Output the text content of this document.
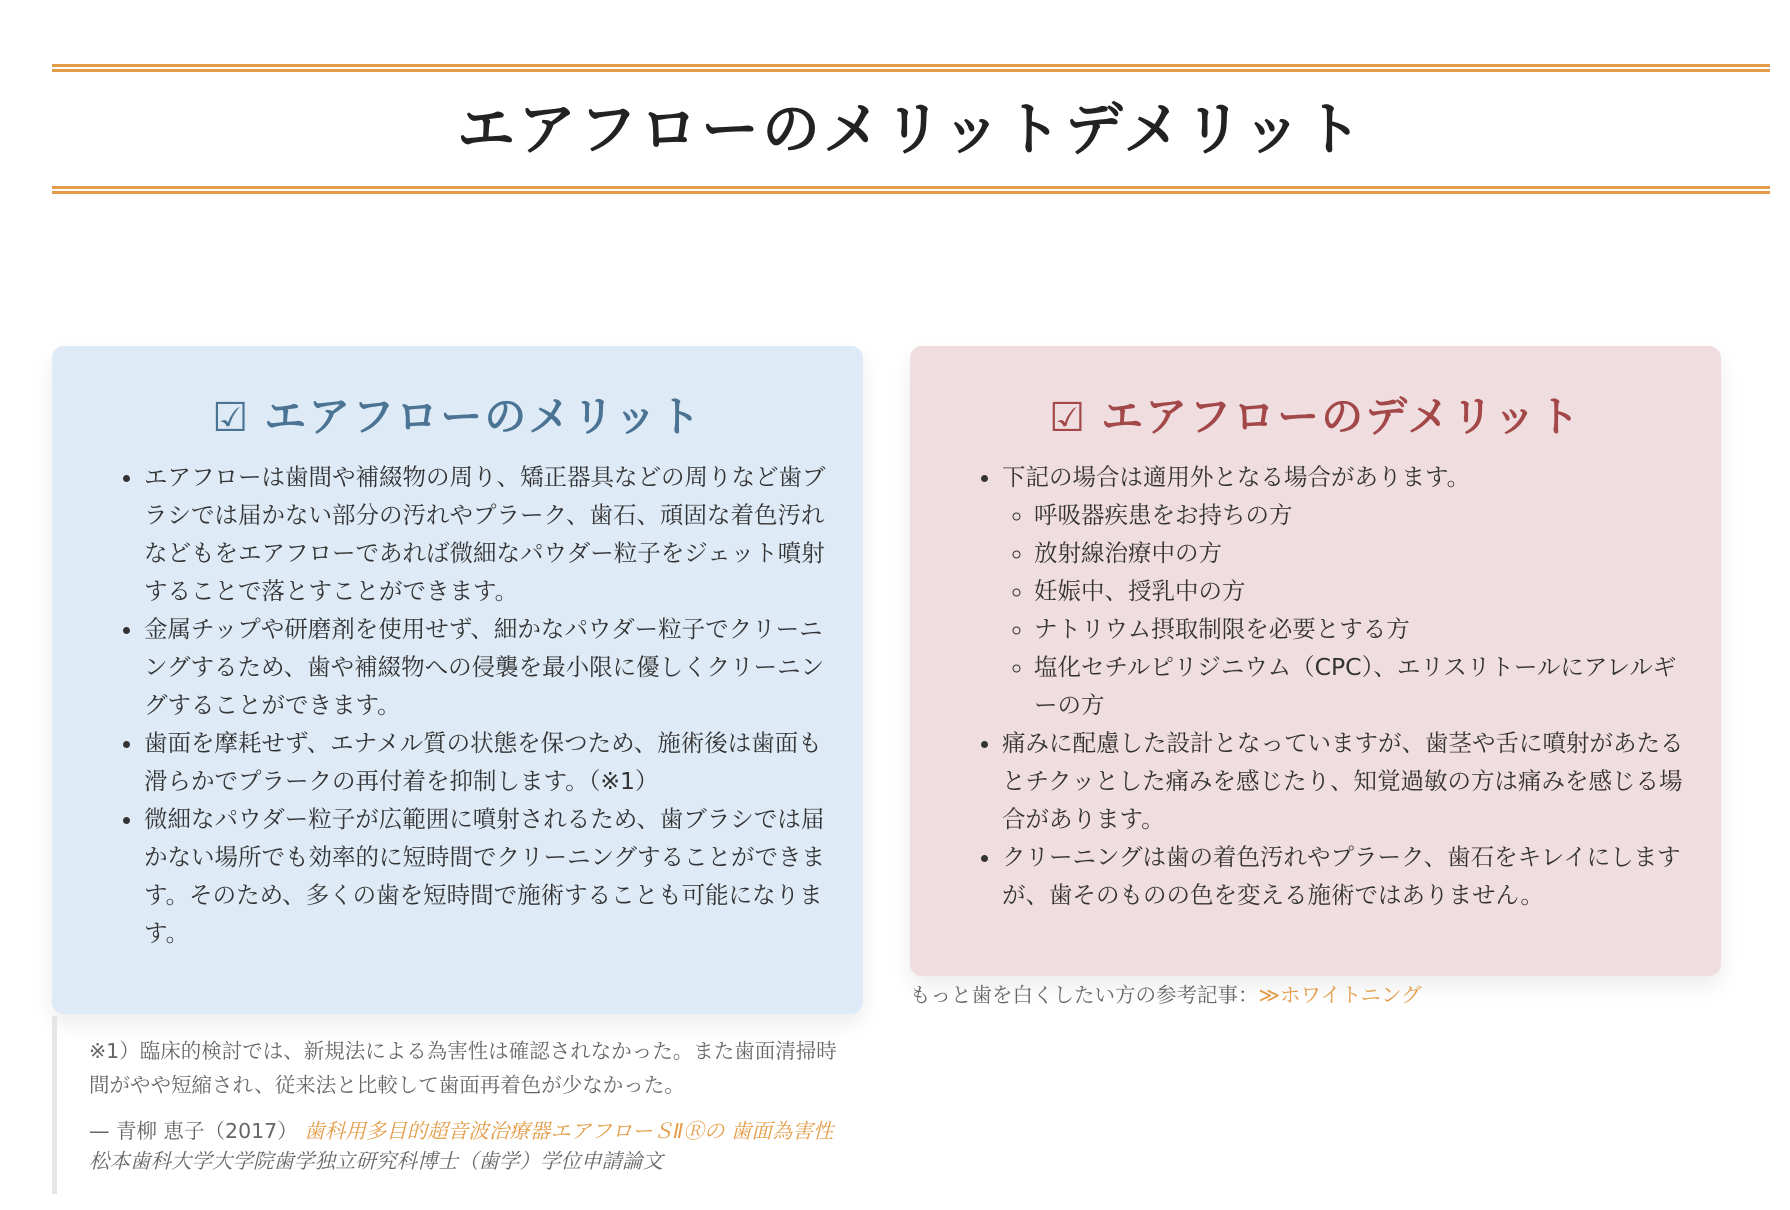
エアフローのメリットデメリット
☑ エアフローのメリット
• エアフローは歯間や補綴物の周り、矯正器具などの周りなど歯ブラシでは届かない部分の汚れやプラーク、歯石、頑固な着色汚れなどもをエアフローであれば微細なパウダー粒子をジェット噴射することで落とすことができます。
• 金属チップや研磨剤を使用せず、細かなパウダー粒子でクリーニングするため、歯や補綴物への侵襲を最小限に優しくクリーニングすることができます。
• 歯面を摩耗せず、エナメル質の状態を保つため、施術後は歯面も滑らかでプラークの再付着を抑制します。（※1）
• 微細なパウダー粒子が広範囲に噴射されるため、歯ブラシでは届かない場所でも効率的に短時間でクリーニングすることができます。そのため、多くの歯を短時間で施術することも可能になります。
☑ エアフローのデメリット
• 下記の場合は適用外となる場合があります。
◦ 呼吸器疾患をお持ちの方
◦ 放射線治療中の方
◦ 妊娠中、授乳中の方
◦ ナトリウム摂取制限を必要とする方
◦ 塩化セチルピリジニウム（CPC）、エリスリトールにアレルギーの方
• 痛みに配慮した設計となっていますが、歯茎や舌に噴射があたるとチクッとした痛みを感じたり、知覚過敏の方は痛みを感じる場合があります。
• クリーニングは歯の着色汚れやプラーク、歯石をキレイにしますが、歯そのものの色を変える施術ではありません。
もっと歯を白くしたい方の参考記事：≫ホワイトニング
※1）臨床的検討では、新規法による為害性は確認されなかった。また歯面清掃時間がやや短縮され、従来法と比較して歯面再着色が少なかった。
— 青柳 恵子（2017） 歯科用多目的超音波治療器エアフローＳⅡⓇの 歯面為害性 松本歯科大学大学院歯学独立研究科博士（歯学）学位申請論文
